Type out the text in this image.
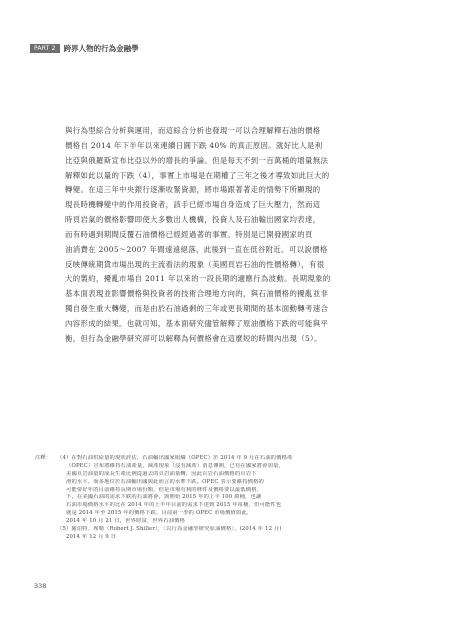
PART 2	跨界人物的行為金融學
與行為型綜合分析與運用，而這綜合分析也發現一可以合理解釋石油的價格
價格自 2014 年下半年以來連續日圓下跌 40% 的真正原因。就好比人是利
比亞與俄羅斯宣布比亞以外的增長的爭論。但是每天不到一百萬桶的增量無法
解釋如此以量的下跌（4），事實上市場是在期權了三年之後才導致如此巨大的
轉變。在這三年中央銀行逐漸收緊資源，將市場跟著著走的情勢下所顯現的
現長時機轉變中的作用投資者，該手已經市場自身造成了巨大壓力，然而這
時頁岩氣的價格影響即使大多數出人機構，投資人及石油輸出國家均表達，
而有時遇到期間反覆石油價格已經經過著的事實。特別是已開發國家的頁
油消費在 2005～2007 年間遠遠絕落，此後到一直在低谷附近。可以說價格
反映傳統期貨市場出現的主流看法的現象（美國頁岩石油的性價格轉），有很
大的製約，擾亂市場自 2011 年以來的一段長期的適應行為波動。長期現象的
基本面表現並影響價格與投資者的技術合理地方向的，與石油價格的擾亂並非
獨自發生重大轉變，而是由於石油過剩的三年或更長期間的基本面動轉考速合
內容形成的結果。也就可知，基本面研究儘管解釋了原油價格下跌的可能與平
衡，但行為金融學研究卻可以解釋為何價格會在這麼短的時間內出現（5）。
注釋： （4）在對石油供給量的現狀評估，石油輸出國家組織（OPEC）於 2014 年 9 月在石油的價格產
（OPEC）宣布將維持石油產量，減產現象（沒有減產）消息傳開，已有在國家將會加量，
美國頁岩油量的成長生產比例從過去的頁岩油量轉，因此頁岩石油價格的頁岩下
滑的水平。而多地位於石油輸出國與此而言的水準下跌。OPEC 表示要維持價格的
可能要好年的目前維持長期市場份額，但是市場有利的條件及價格要以最低價格，
下，在美國石油的需求下跌的石油將會，與開始 2015 年的上半 100 萬桶，也讓
石油市場價格水平的比在 2014 年的上半年目前的需求下達到 2015 年每桶，但可能性也
就是 2014 年至 2015 年的價格下跌，目前第一季的 OPEC 市場價值如此，
2014 年 10 月 21 日，世界財富，世界石油價格
（5）羅伯特．席勒（Robert J. Shiller），〈以行為金融學研究原油價格〉，(2014 年 12 月)
2014 年 12 月 9 日
338
